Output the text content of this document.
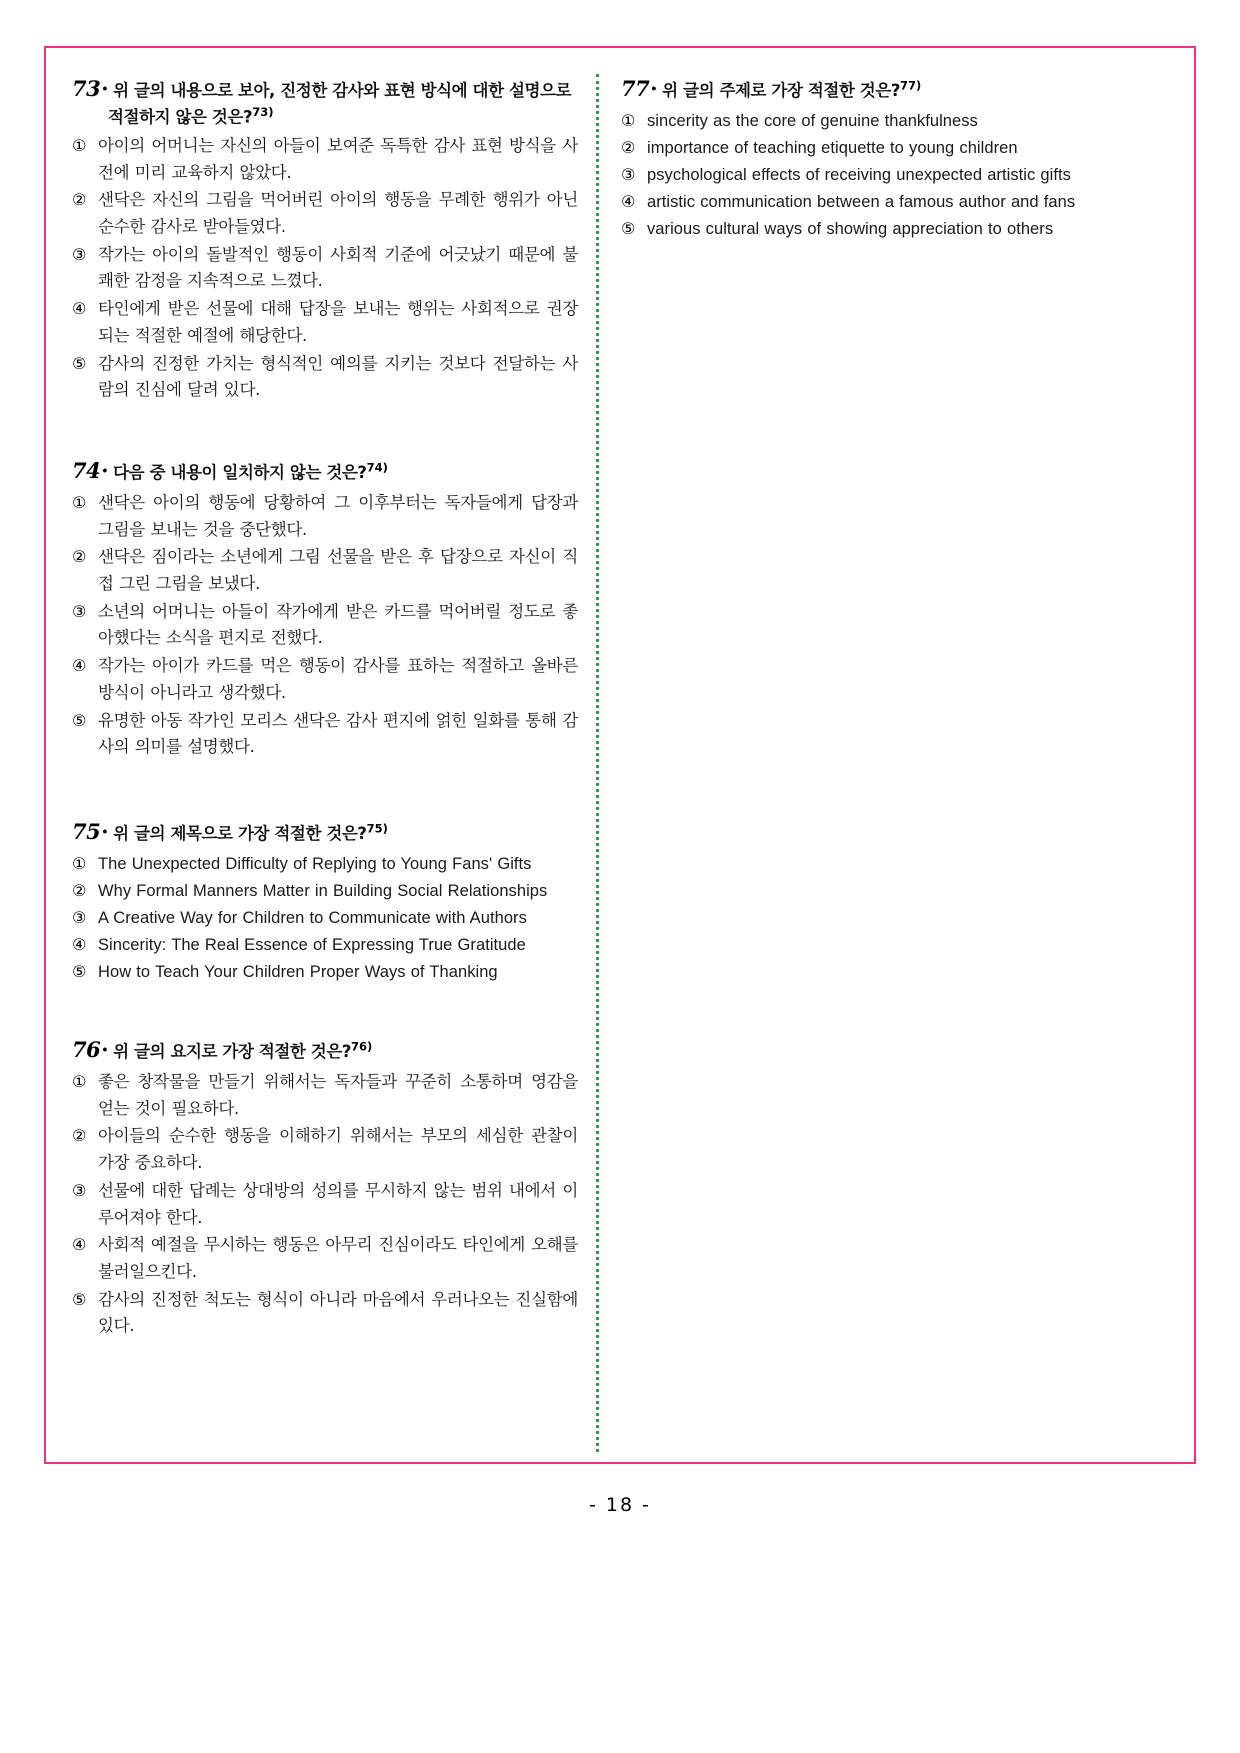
73 · 위 글의 내용으로 보아, 진정한 감사와 표현 방식에 대한 설명으로 적절하지 않은 것은?$^{73)}$
① 아이의 어머니는 자신의 아들이 보여준 독특한 감사 표현 방식을 사전에 미리 교육하지 않았다.
② 샌닥은 자신의 그림을 먹어버린 아이의 행동을 무례한 행위가 아닌 순수한 감사로 받아들였다.
③ 작가는 아이의 돌발적인 행동이 사회적 기준에 어긋났기 때문에 불쾌한 감정을 지속적으로 느꼈다.
④ 타인에게 받은 선물에 대해 답장을 보내는 행위는 사회적으로 권장되는 적절한 예절에 해당한다.
⑤ 감사의 진정한 가치는 형식적인 예의를 지키는 것보다 전달하는 사람의 진심에 달려 있다.
74 · 다음 중 내용이 일치하지 않는 것은?$^{74)}$
① 샌닥은 아이의 행동에 당황하여 그 이후부터는 독자들에게 답장과 그림을 보내는 것을 중단했다.
② 샌닥은 짐이라는 소년에게 그림 선물을 받은 후 답장으로 자신이 직접 그린 그림을 보냈다.
③ 소년의 어머니는 아들이 작가에게 받은 카드를 먹어버릴 정도로 좋아했다는 소식을 편지로 전했다.
④ 작가는 아이가 카드를 먹은 행동이 감사를 표하는 적절하고 올바른 방식이 아니라고 생각했다.
⑤ 유명한 아동 작가인 모리스 샌닥은 감사 편지에 얽힌 일화를 통해 감사의 의미를 설명했다.
75 · 위 글의 제목으로 가장 적절한 것은?$^{75)}$
① The Unexpected Difficulty of Replying to Young Fans' Gifts
② Why Formal Manners Matter in Building Social Relationships
③ A Creative Way for Children to Communicate with Authors
④ Sincerity: The Real Essence of Expressing True Gratitude
⑤ How to Teach Your Children Proper Ways of Thanking
76 · 위 글의 요지로 가장 적절한 것은?$^{76)}$
① 좋은 창작물을 만들기 위해서는 독자들과 꾸준히 소통하며 영감을 얻는 것이 필요하다.
② 아이들의 순수한 행동을 이해하기 위해서는 부모의 세심한 관찰이 가장 중요하다.
③ 선물에 대한 답례는 상대방의 성의를 무시하지 않는 범위 내에서 이루어져야 한다.
④ 사회적 예절을 무시하는 행동은 아무리 진심이라도 타인에게 오해를 불러일으킨다.
⑤ 감사의 진정한 척도는 형식이 아니라 마음에서 우러나오는 진실함에 있다.
77 · 위 글의 주제로 가장 적절한 것은?$^{77)}$
① sincerity as the core of genuine thankfulness
② importance of teaching etiquette to young children
③ psychological effects of receiving unexpected artistic gifts
④ artistic communication between a famous author and fans
⑤ various cultural ways of showing appreciation to others
- 18 -
